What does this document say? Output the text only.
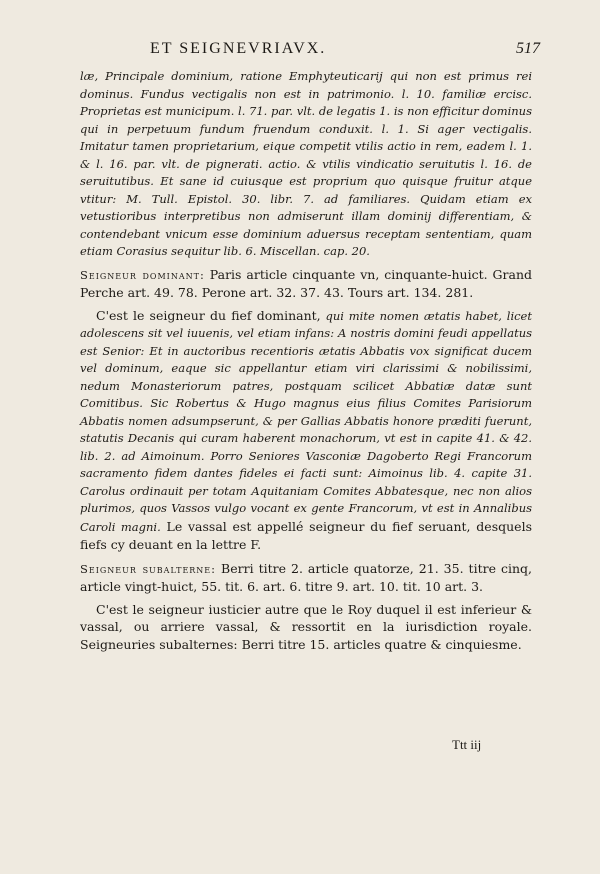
ET SEIGNEVRIAVX.	517

læ, Principale dominium, ratione Emphyteuticarij qui non est primus rei dominus. Fundus vectigalis non est in patrimonio. l. 10. familiæ ercisc. Proprietas est municipum. l. 71. par. vlt. de legatis 1. is non efficitur dominus qui in perpetuum fundum fruendum conduxit. l. 1. Si ager vectigalis. Imitatur tamen proprietarium, eique competit vtilis actio in rem, eadem l. 1. & l. 16. par. vlt. de pignerati. actio. & vtilis vindicatio seruitutis l. 16. de seruitutibus. Et sane id cuiusque est proprium quo quisque fruitur atque vtitur: M. Tull. Epistol. 30. libr. 7. ad familiares. Quidam etiam ex vetustioribus interpretibus non admiserunt illam dominij differentiam, & contendebant vnicum esse dominium aduersus receptam sententiam, quam etiam Corasius sequitur lib. 6. Miscellan. cap. 20.

Seigneur dominant: Paris article cinquante vn, cinquante-huict. Grand Perche art. 49. 78. Perone art. 32. 37. 43. Tours art. 134. 281.

C'est le seigneur du fief dominant, qui mite nomen ætatis habet, licet adolescens sit vel iuuenis, vel etiam infans: A nostris domini feudi appellatus est Senior: Et in auctoribus recentioris ætatis Abbatis vox significat ducem vel dominum, eaque sic appellantur etiam viri clarissimi & nobilissimi, nedum Monasteriorum patres, postquam scilicet Abbatiæ datæ sunt Comitibus. Sic Robertus & Hugo magnus eius filius Comites Parisiorum Abbatis nomen adsumpserunt, & per Gallias Abbatis honore præditi fuerunt, statutis Decanis qui curam haberent monachorum, vt est in capite 41. & 42. lib. 2. ad Aimoinum. Porro Seniores Vasconiæ Dagoberto Regi Francorum sacramento fidem dantes fideles ei facti sunt: Aimoinus lib. 4. capite 31. Carolus ordinauit per totam Aquitaniam Comites Abbatesque, nec non alios plurimos, quos Vassos vulgo vocant ex gente Francorum, vt est in Annalibus Caroli magni. Le vassal est appellé seigneur du fief seruant, desquels fiefs cy deuant en la lettre F.

Seigneur subalterne: Berri titre 2. article quatorze, 21. 35. titre cinq, article vingt-huict, 55. tit. 6. art. 6. titre 9. art. 10. tit. 10 art. 3.

C'est le seigneur iusticier autre que le Roy duquel il est inferieur & vassal, ou arriere vassal, & ressortit en la iurisdiction royale. Seigneuries subalternes: Berri titre 15. articles quatre & cinquiesme.

Ttt iij
